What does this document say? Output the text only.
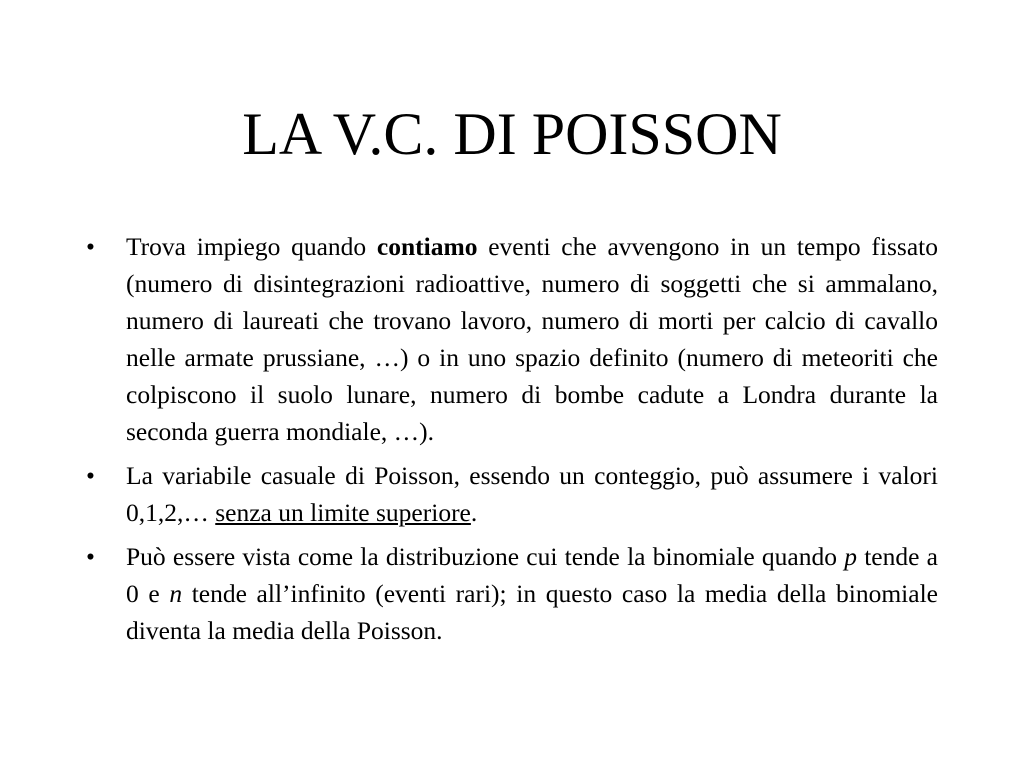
LA V.C. DI POISSON
•	Trova impiego quando contiamo eventi che avvengono in un tempo fissato (numero di disintegrazioni radioattive, numero di soggetti che si ammalano, numero di laureati che trovano lavoro, numero di morti per calcio di cavallo nelle armate prussiane, …) o in uno spazio definito (numero di meteoriti che colpiscono il suolo lunare, numero di bombe cadute a Londra durante la seconda guerra mondiale, …).
•	La variabile casuale di Poisson, essendo un conteggio, può assumere i valori 0,1,2,… senza un limite superiore.
•	Può essere vista come la distribuzione cui tende la binomiale quando p tende a 0 e n tende all’infinito (eventi rari); in questo caso la media della binomiale diventa la media della Poisson.
